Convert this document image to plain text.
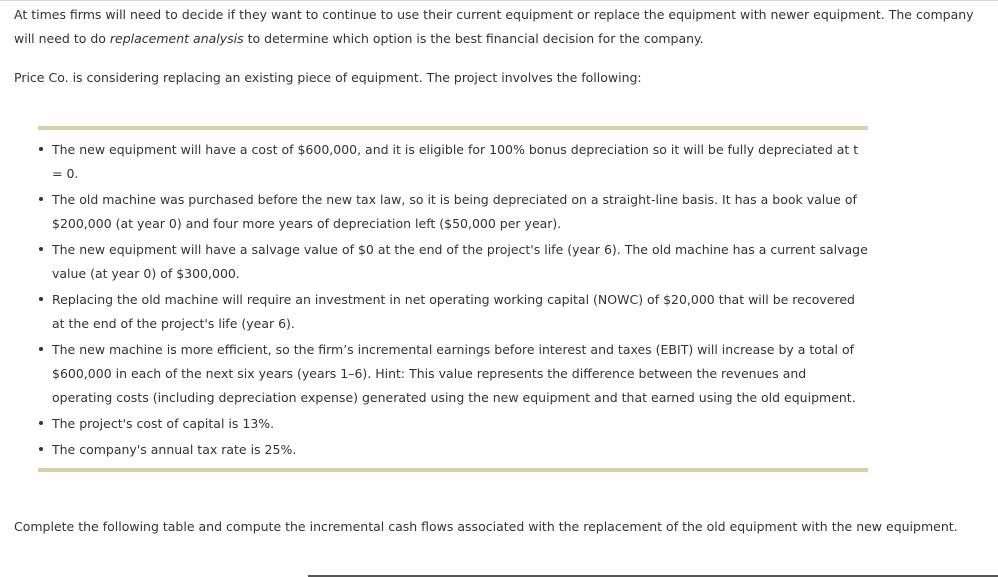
At times firms will need to decide if they want to continue to use their current equipment or replace the equipment with newer equipment. The company will need to do replacement analysis to determine which option is the best financial decision for the company.

Price Co. is considering replacing an existing piece of equipment. The project involves the following:

The new equipment will have a cost of $600,000, and it is eligible for 100% bonus depreciation so it will be fully depreciated at t = 0.
The old machine was purchased before the new tax law, so it is being depreciated on a straight-line basis. It has a book value of $200,000 (at year 0) and four more years of depreciation left ($50,000 per year).
The new equipment will have a salvage value of $0 at the end of the project's life (year 6). The old machine has a current salvage value (at year 0) of $300,000.
Replacing the old machine will require an investment in net operating working capital (NOWC) of $20,000 that will be recovered at the end of the project's life (year 6).
The new machine is more efficient, so the firm’s incremental earnings before interest and taxes (EBIT) will increase by a total of $600,000 in each of the next six years (years 1–6). Hint: This value represents the difference between the revenues and operating costs (including depreciation expense) generated using the new equipment and that earned using the old equipment.
The project's cost of capital is 13%.
The company's annual tax rate is 25%.

Complete the following table and compute the incremental cash flows associated with the replacement of the old equipment with the new equipment.
